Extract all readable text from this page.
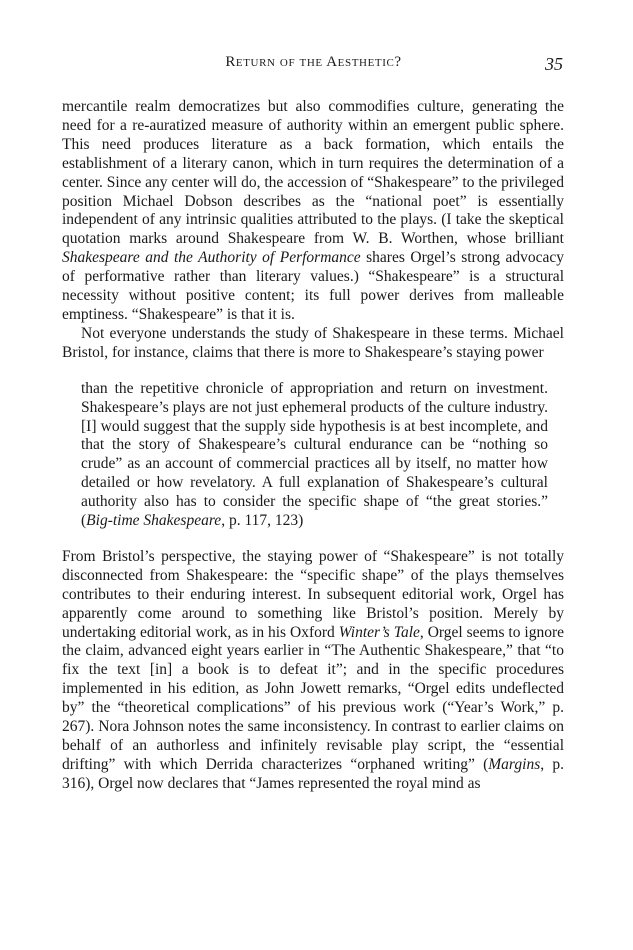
Return of the Aesthetic?	35

mercantile realm democratizes but also commodifies culture, generating the need for a re-auratized measure of authority within an emergent public sphere. This need produces literature as a back formation, which entails the establishment of a literary canon, which in turn requires the determination of a center. Since any center will do, the accession of “Shakespeare” to the privileged position Michael Dobson describes as the “national poet” is essentially independent of any intrinsic qualities attributed to the plays. (I take the skeptical quotation marks around Shakespeare from W. B. Worthen, whose brilliant Shakespeare and the Authority of Performance shares Orgel’s strong advocacy of performative rather than literary values.) “Shakespeare” is a structural necessity without positive content; its full power derives from malleable emptiness. “Shakespeare” is that it is.

Not everyone understands the study of Shakespeare in these terms. Michael Bristol, for instance, claims that there is more to Shakespeare’s staying power

than the repetitive chronicle of appropriation and return on investment. Shakespeare’s plays are not just ephemeral products of the culture industry. [I] would suggest that the supply side hypothesis is at best incomplete, and that the story of Shakespeare’s cultural endurance can be “nothing so crude” as an account of commercial practices all by itself, no matter how detailed or how revelatory. A full explanation of Shakespeare’s cultural authority also has to consider the specific shape of “the great stories.” (Big-time Shakespeare, p. 117, 123)

From Bristol’s perspective, the staying power of “Shakespeare” is not totally disconnected from Shakespeare: the “specific shape” of the plays themselves contributes to their enduring interest. In subsequent editorial work, Orgel has apparently come around to something like Bristol’s position. Merely by undertaking editorial work, as in his Oxford Winter’s Tale, Orgel seems to ignore the claim, advanced eight years earlier in “The Authentic Shakespeare,” that “to fix the text [in] a book is to defeat it”; and in the specific procedures implemented in his edition, as John Jowett remarks, “Orgel edits undeflected by” the “theoretical complications” of his previous work (“Year’s Work,” p. 267). Nora Johnson notes the same inconsistency. In contrast to earlier claims on behalf of an authorless and infinitely revisable play script, the “essential drifting” with which Derrida characterizes “orphaned writing” (Margins, p. 316), Orgel now declares that “James represented the royal mind as
